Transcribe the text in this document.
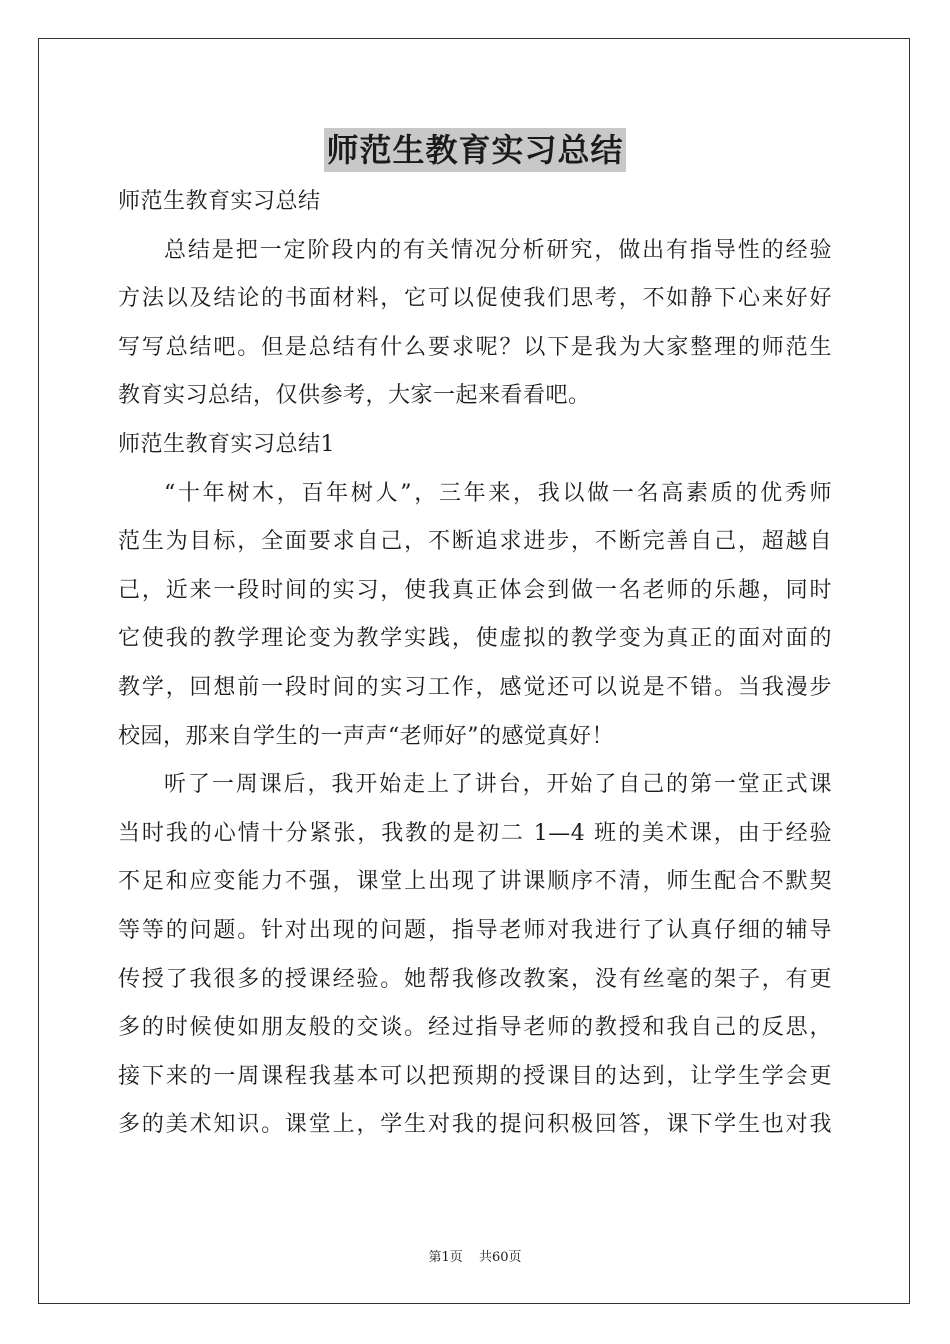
师范生教育实习总结
师范生教育实习总结
总结是把一定阶段内的有关情况分析研究，做出有指导性的经验
方法以及结论的书面材料，它可以促使我们思考，不如静下心来好好
写写总结吧。但是总结有什么要求呢？以下是我为大家整理的师范生
教育实习总结，仅供参考，大家一起来看看吧。
师范生教育实习总结1
“十年树木，百年树人”，三年来，我以做一名高素质的优秀师
范生为目标，全面要求自己，不断追求进步，不断完善自己，超越自
己，近来一段时间的实习，使我真正体会到做一名老师的乐趣，同时
它使我的教学理论变为教学实践，使虚拟的教学变为真正的面对面的
教学，回想前一段时间的实习工作，感觉还可以说是不错。当我漫步
校园，那来自学生的一声声“老师好”的感觉真好！
听了一周课后，我开始走上了讲台，开始了自己的第一堂正式课
当时我的心情十分紧张，我教的是初二 1—4 班的美术课，由于经验
不足和应变能力不强，课堂上出现了讲课顺序不清，师生配合不默契
等等的问题。针对出现的问题，指导老师对我进行了认真仔细的辅导
传授了我很多的授课经验。她帮我修改教案，没有丝毫的架子，有更
多的时候使如朋友般的交谈。经过指导老师的教授和我自己的反思，
接下来的一周课程我基本可以把预期的授课目的达到，让学生学会更
多的美术知识。课堂上，学生对我的提问积极回答，课下学生也对我
第1页 共60页
